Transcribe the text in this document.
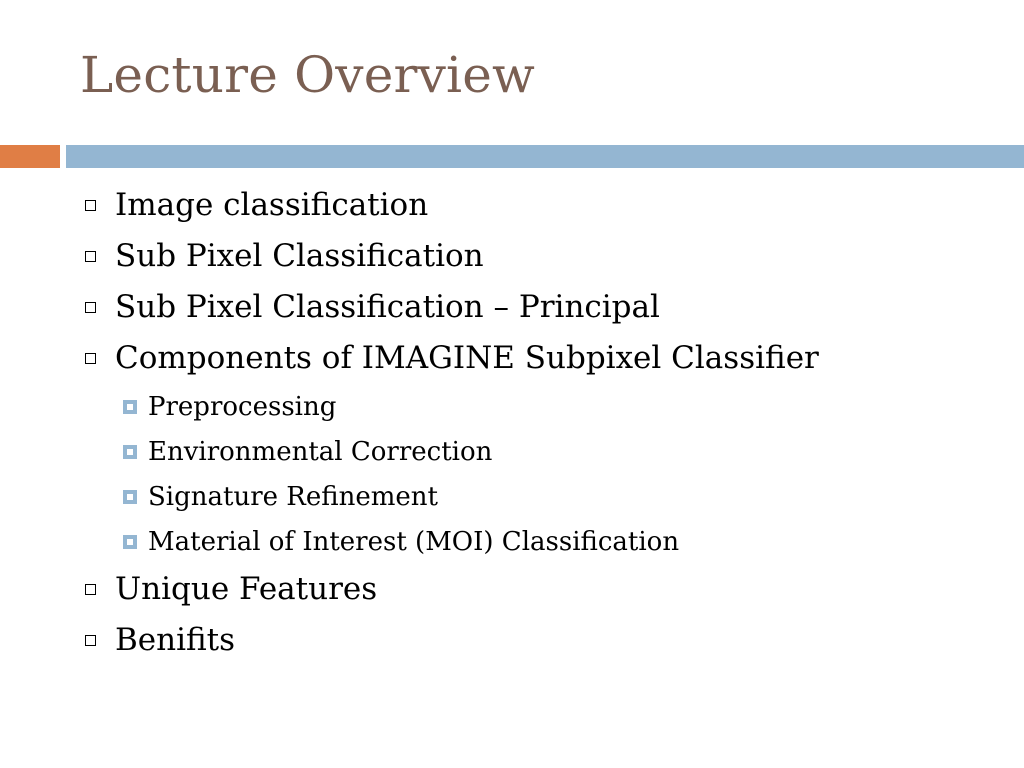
Lecture Overview
Image classification
Sub Pixel Classification
Sub Pixel Classification – Principal
Components of IMAGINE Subpixel Classifier
Preprocessing
Environmental Correction
Signature Refinement
Material of Interest (MOI) Classification
Unique Features
Benifits
